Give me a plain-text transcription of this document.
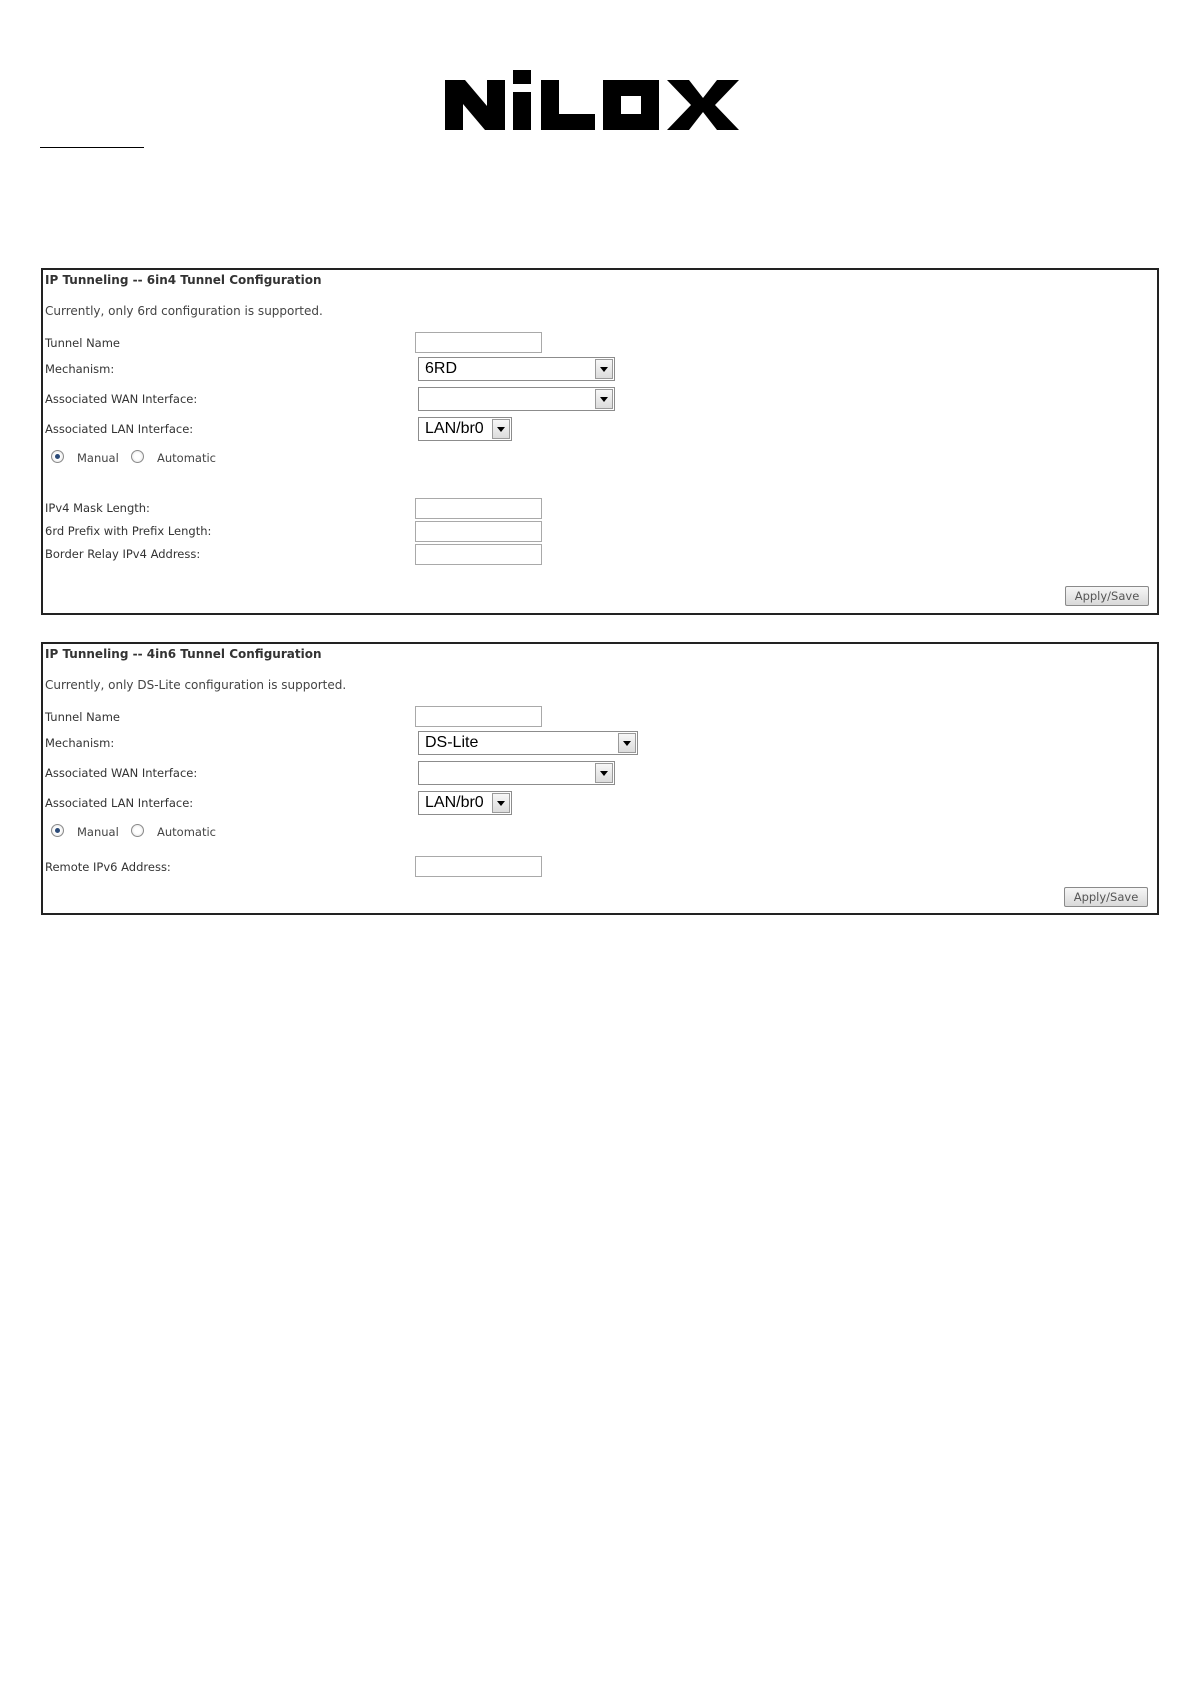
IP Tunneling -- 6in4 Tunnel Configuration
Currently, only 6rd configuration is supported.
Tunnel Name
Mechanism:	6RD
Associated WAN Interface:
Associated LAN Interface:	LAN/br0
Manual	Automatic
IPv4 Mask Length:
6rd Prefix with Prefix Length:
Border Relay IPv4 Address:
Apply/Save
IP Tunneling -- 4in6 Tunnel Configuration
Currently, only DS-Lite configuration is supported.
Tunnel Name
Mechanism:	DS-Lite
Associated WAN Interface:
Associated LAN Interface:	LAN/br0
Manual	Automatic
Remote IPv6 Address:
Apply/Save
